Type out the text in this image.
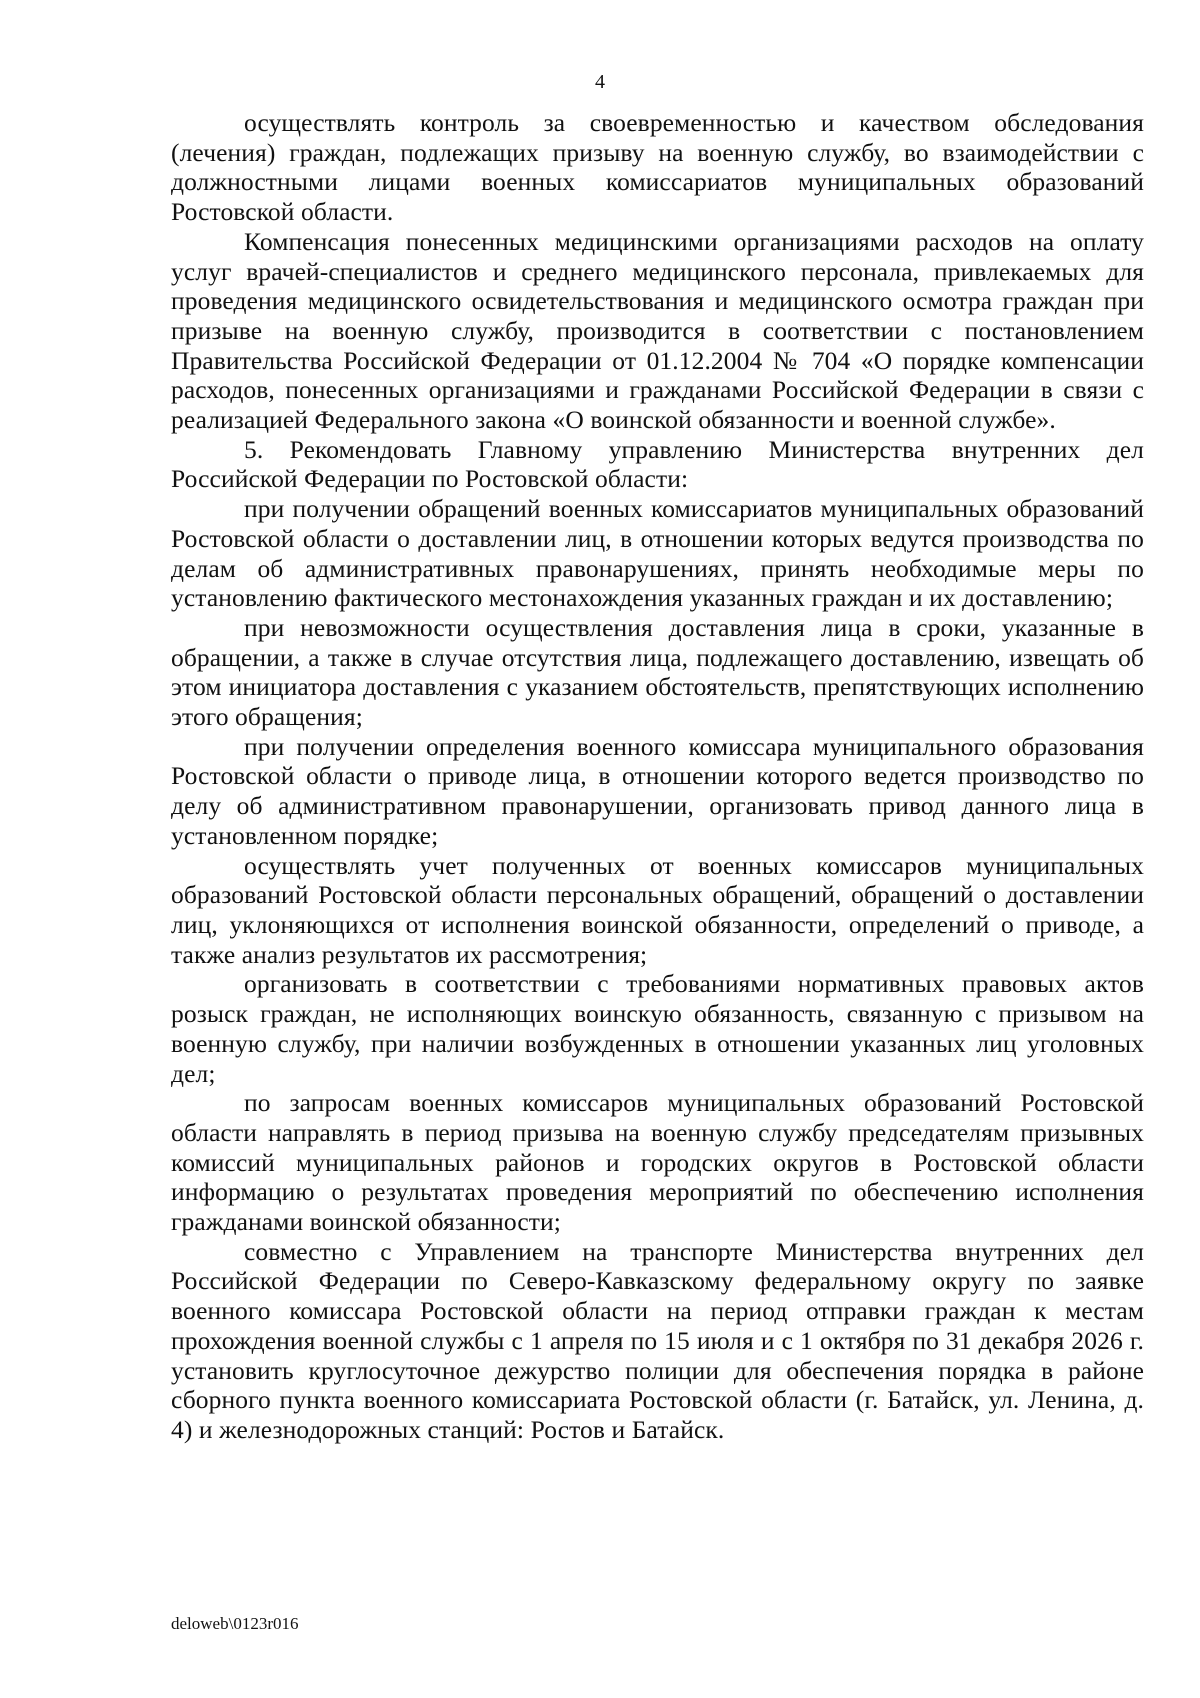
4

осуществлять контроль за своевременностью и качеством обследования (лечения) граждан, подлежащих призыву на военную службу, во взаимодействии с должностными лицами военных комиссариатов муниципальных образований Ростовской области.

Компенсация понесенных медицинскими организациями расходов на оплату услуг врачей-специалистов и среднего медицинского персонала, привлекаемых для проведения медицинского освидетельствования и медицинского осмотра граждан при призыве на военную службу, производится в соответствии с постановлением Правительства Российской Федерации от 01.12.2004 № 704 «О порядке компенсации расходов, понесенных организациями и гражданами Российской Федерации в связи с реализацией Федерального закона «О воинской обязанности и военной службе».

5. Рекомендовать Главному управлению Министерства внутренних дел Российской Федерации по Ростовской области:

при получении обращений военных комиссариатов муниципальных образований Ростовской области о доставлении лиц, в отношении которых ведутся производства по делам об административных правонарушениях, принять необходимые меры по установлению фактического местонахождения указанных граждан и их доставлению;

при невозможности осуществления доставления лица в сроки, указанные в обращении, а также в случае отсутствия лица, подлежащего доставлению, извещать об этом инициатора доставления с указанием обстоятельств, препятствующих исполнению этого обращения;

при получении определения военного комиссара муниципального образования Ростовской области о приводе лица, в отношении которого ведется производство по делу об административном правонарушении, организовать привод данного лица в установленном порядке;

осуществлять учет полученных от военных комиссаров муниципальных образований Ростовской области персональных обращений, обращений о доставлении лиц, уклоняющихся от исполнения воинской обязанности, определений о приводе, а также анализ результатов их рассмотрения;

организовать в соответствии с требованиями нормативных правовых актов розыск граждан, не исполняющих воинскую обязанность, связанную с призывом на военную службу, при наличии возбужденных в отношении указанных лиц уголовных дел;

по запросам военных комиссаров муниципальных образований Ростовской области направлять в период призыва на военную службу председателям призывных комиссий муниципальных районов и городских округов в Ростовской области информацию о результатах проведения мероприятий по обеспечению исполнения гражданами воинской обязанности;

совместно с Управлением на транспорте Министерства внутренних дел Российской Федерации по Северо-Кавказскому федеральному округу по заявке военного комиссара Ростовской области на период отправки граждан к местам прохождения военной службы с 1 апреля по 15 июля и с 1 октября по 31 декабря 2026 г. установить круглосуточное дежурство полиции для обеспечения порядка в районе сборного пункта военного комиссариата Ростовской области (г. Батайск, ул. Ленина, д. 4) и железнодорожных станций: Ростов и Батайск.

deloweb\0123r016
